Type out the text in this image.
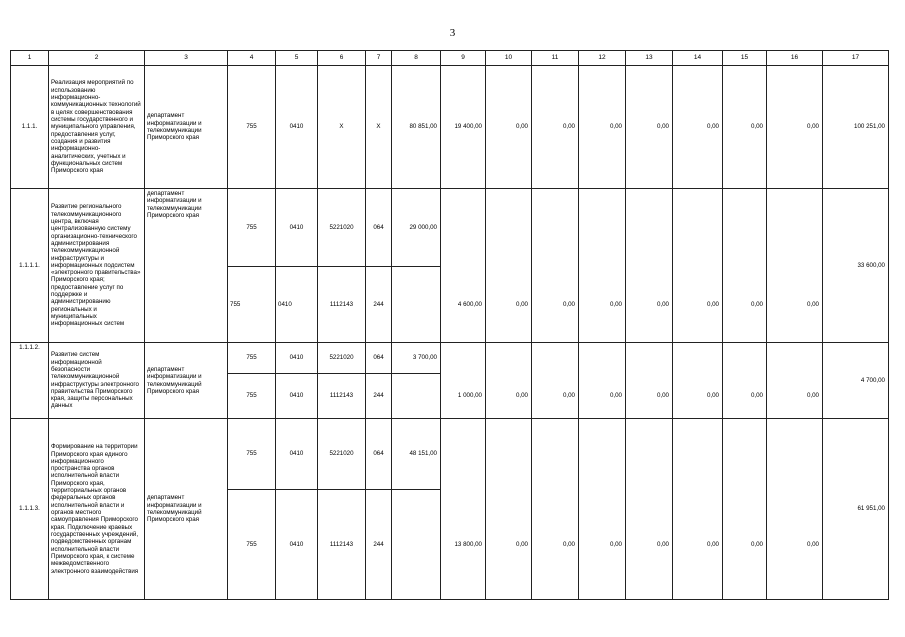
3
1	2	3	4	5	6	7	8	9	10	11	12	13	14	15	16	17
1.1.1.	Реализация мероприятий по использованию информационно-коммуникационных технологий в целях совершенствования системы государственного и муниципального управления, предоставления услуг, создания и развития информационно-аналитических, учетных и функциональных систем Приморского края	департамент информатизации и телекоммуникации Приморского края	755	0410	X	X	80 851,00	19 400,00	0,00	0,00	0,00	0,00	0,00	0,00	0,00	100 251,00
1.1.1.1.	Развитие регионального телекоммуникационного центра, включая централизованную систему организационно-технического администрирования телекоммуникационной инфраструктуры и информационных подсистем «электронного правительства» Приморского края; предоставление услуг по поддержке и администрированию региональных и муниципальных информационных систем	департамент информатизации и телекоммуникации Приморского края	755	0410	5221020	064	29 000,00									33 600,00
			755	0410	1112143	244		4 600,00	0,00	0,00	0,00	0,00	0,00	0,00	0,00	
1.1.1.2.	Развитие систем информационной безопасности телекоммуникационной инфраструктуры электронного правительства Приморского края, защиты персональных данных	департамент информатизации и телекоммуникаций Приморского края	755	0410	5221020	064	3 700,00									4 700,00
			755	0410	1112143	244		1 000,00	0,00	0,00	0,00	0,00	0,00	0,00	0,00	
1.1.1.3.	Формирование на территории Приморского края единого информационного пространства органов исполнительной власти Приморского края, территориальных органов федеральных органов исполнительной власти и органов местного самоуправления Приморского края. Подключение краевых государственных учреждений, подведомственных органам исполнительной власти Приморского края, к системе межведомственного электронного взаимодействия	департамент информатизации и телекоммуникаций Приморского края	755	0410	5221020	064	48 151,00									61 951,00
			755	0410	1112143	244		13 800,00	0,00	0,00	0,00	0,00	0,00	0,00	0,00	
